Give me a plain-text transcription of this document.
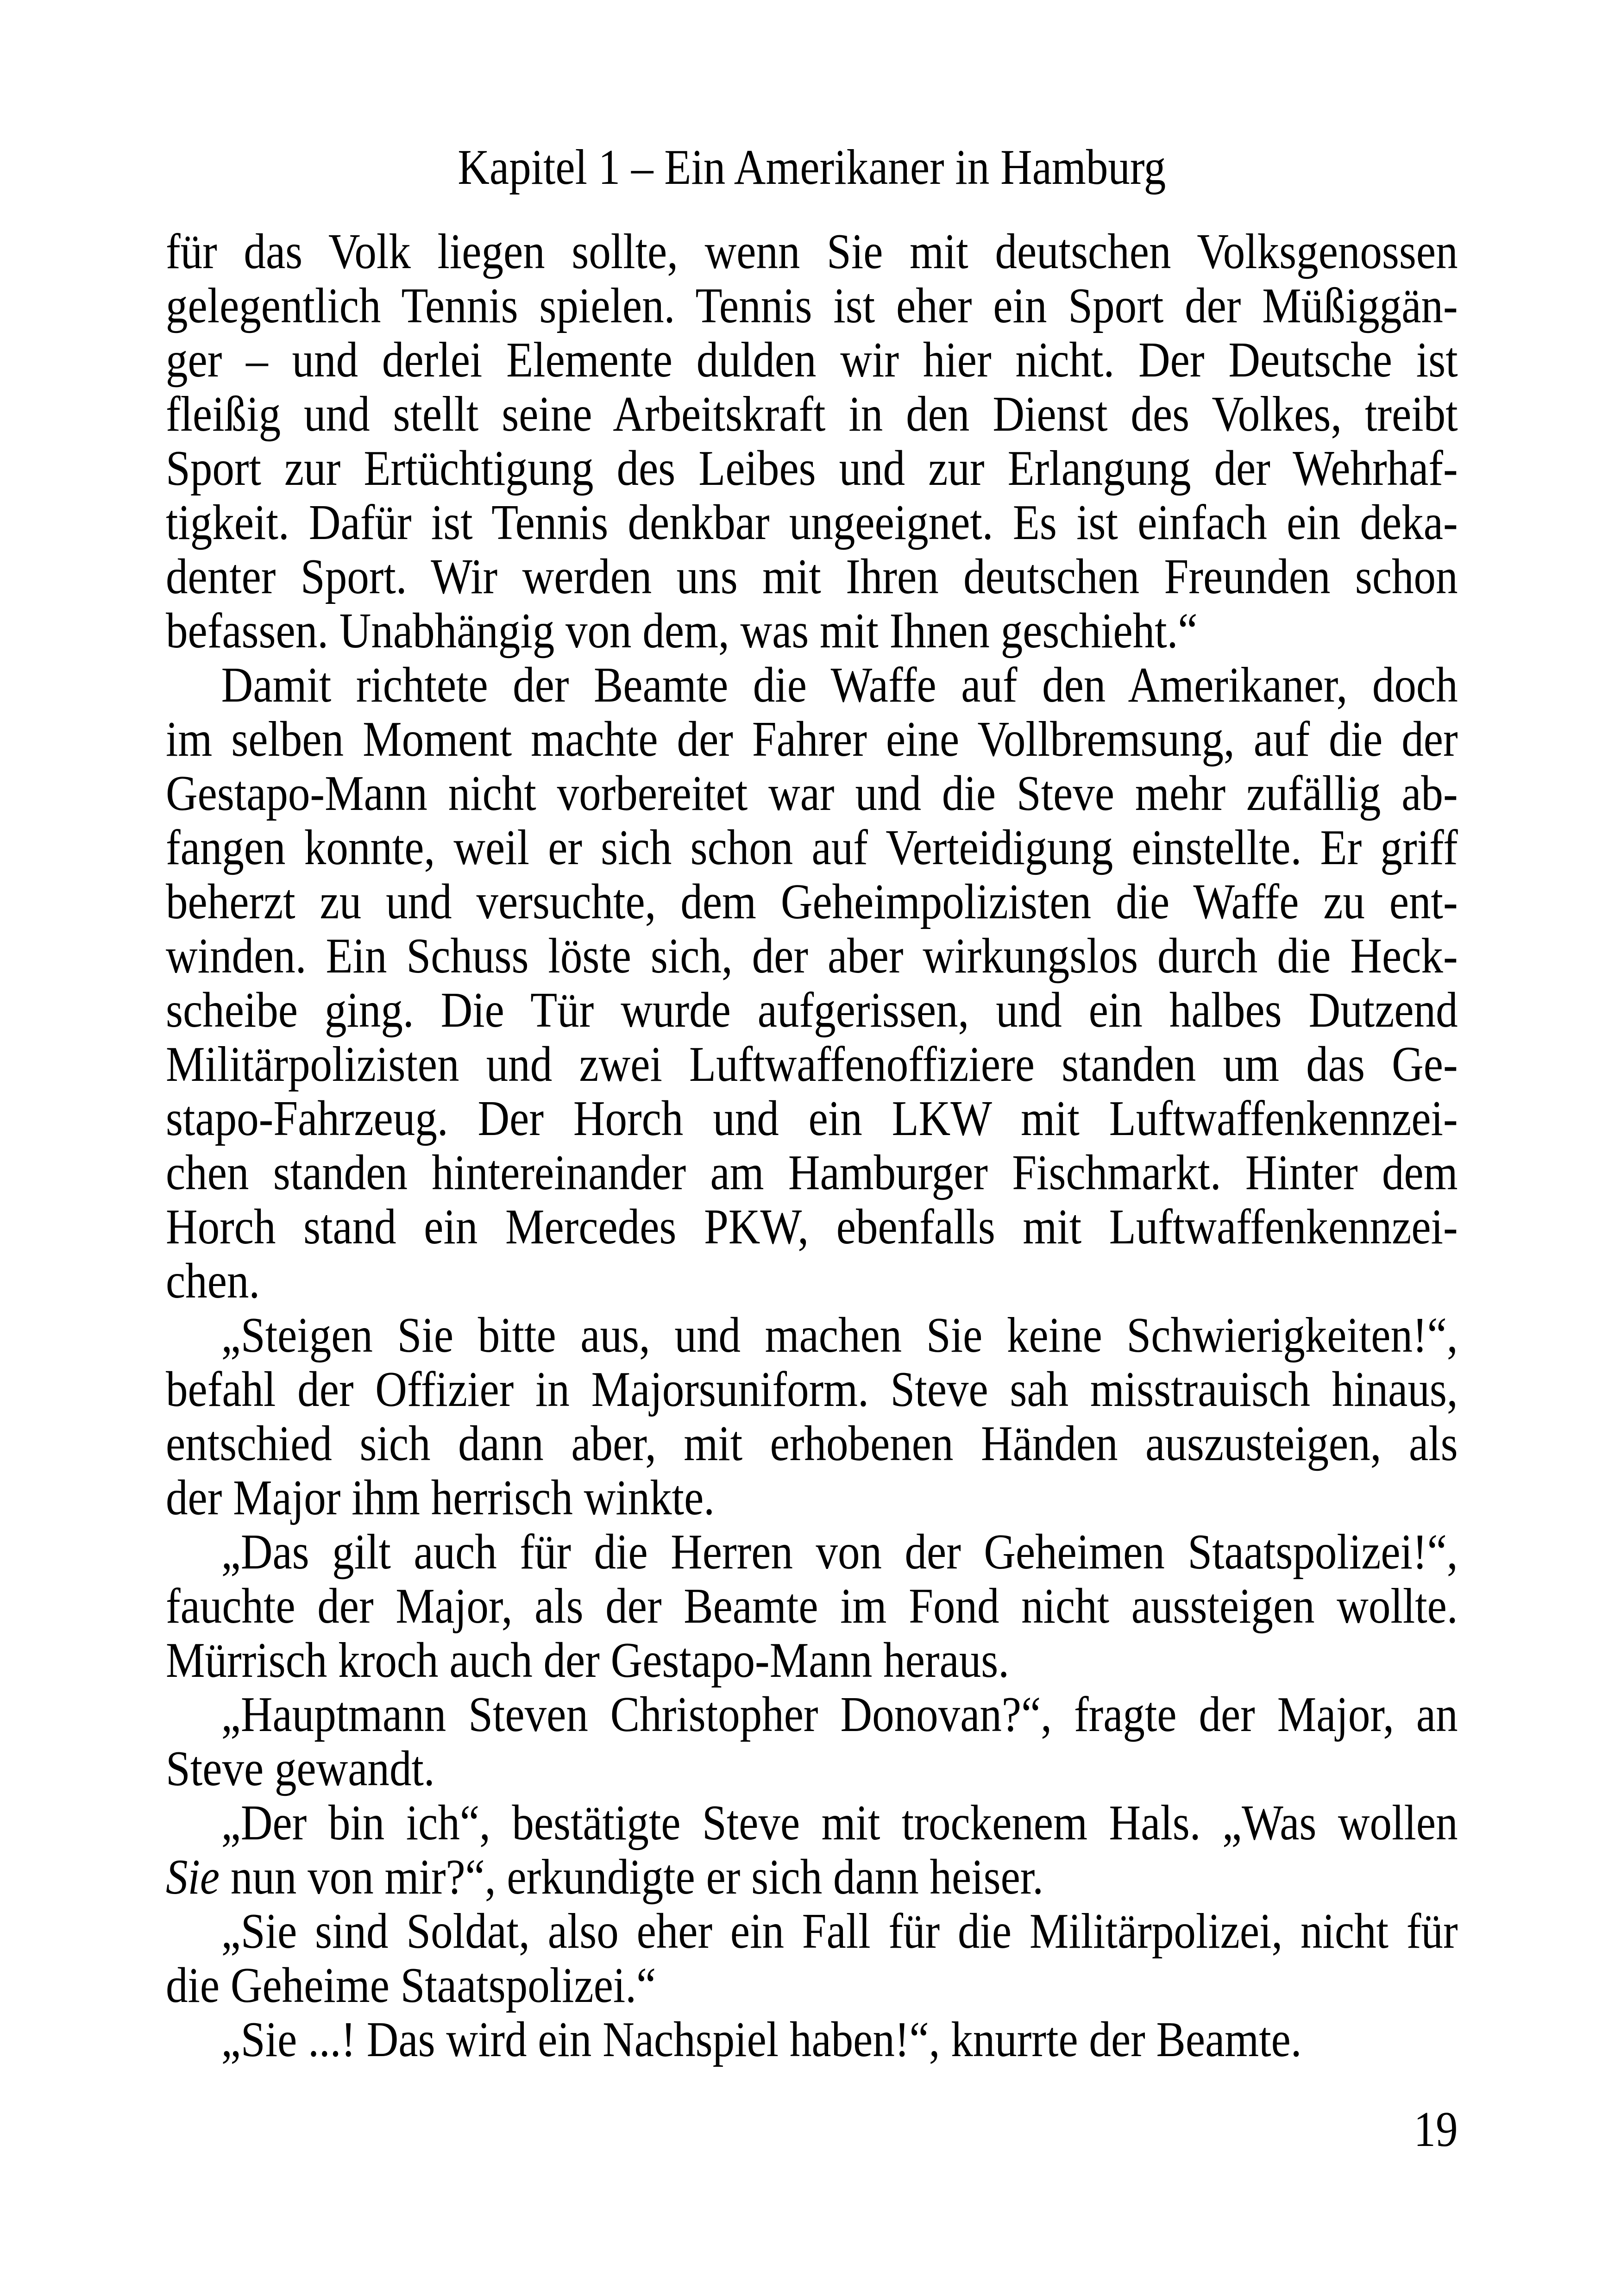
Kapitel 1 – Ein Amerikaner in Hamburg
für das Volk liegen sollte, wenn Sie mit deutschen Volksgenossen
gelegentlich Tennis spielen. Tennis ist eher ein Sport der Müßiggän-
ger – und derlei Elemente dulden wir hier nicht. Der Deutsche ist
fleißig und stellt seine Arbeitskraft in den Dienst des Volkes, treibt
Sport zur Ertüchtigung des Leibes und zur Erlangung der Wehrhaf-
tigkeit. Dafür ist Tennis denkbar ungeeignet. Es ist einfach ein deka-
denter Sport. Wir werden uns mit Ihren deutschen Freunden schon
befassen. Unabhängig von dem, was mit Ihnen geschieht.“
Damit richtete der Beamte die Waffe auf den Amerikaner, doch
im selben Moment machte der Fahrer eine Vollbremsung, auf die der
Gestapo-Mann nicht vorbereitet war und die Steve mehr zufällig ab-
fangen konnte, weil er sich schon auf Verteidigung einstellte. Er griff
beherzt zu und versuchte, dem Geheimpolizisten die Waffe zu ent-
winden. Ein Schuss löste sich, der aber wirkungslos durch die Heck-
scheibe ging. Die Tür wurde aufgerissen, und ein halbes Dutzend
Militärpolizisten und zwei Luftwaffenoffiziere standen um das Ge-
stapo-Fahrzeug. Der Horch und ein LKW mit Luftwaffenkennzei-
chen standen hintereinander am Hamburger Fischmarkt. Hinter dem
Horch stand ein Mercedes PKW, ebenfalls mit Luftwaffenkennzei-
chen.
„Steigen Sie bitte aus, und machen Sie keine Schwierigkeiten!“,
befahl der Offizier in Majorsuniform. Steve sah misstrauisch hinaus,
entschied sich dann aber, mit erhobenen Händen auszusteigen, als
der Major ihm herrisch winkte.
„Das gilt auch für die Herren von der Geheimen Staatspolizei!“,
fauchte der Major, als der Beamte im Fond nicht aussteigen wollte.
Mürrisch kroch auch der Gestapo-Mann heraus.
„Hauptmann Steven Christopher Donovan?“, fragte der Major, an
Steve gewandt.
„Der bin ich“, bestätigte Steve mit trockenem Hals. „Was wollen
Sie nun von mir?“, erkundigte er sich dann heiser.
„Sie sind Soldat, also eher ein Fall für die Militärpolizei, nicht für
die Geheime Staatspolizei.“
„Sie ...! Das wird ein Nachspiel haben!“, knurrte der Beamte.
19
